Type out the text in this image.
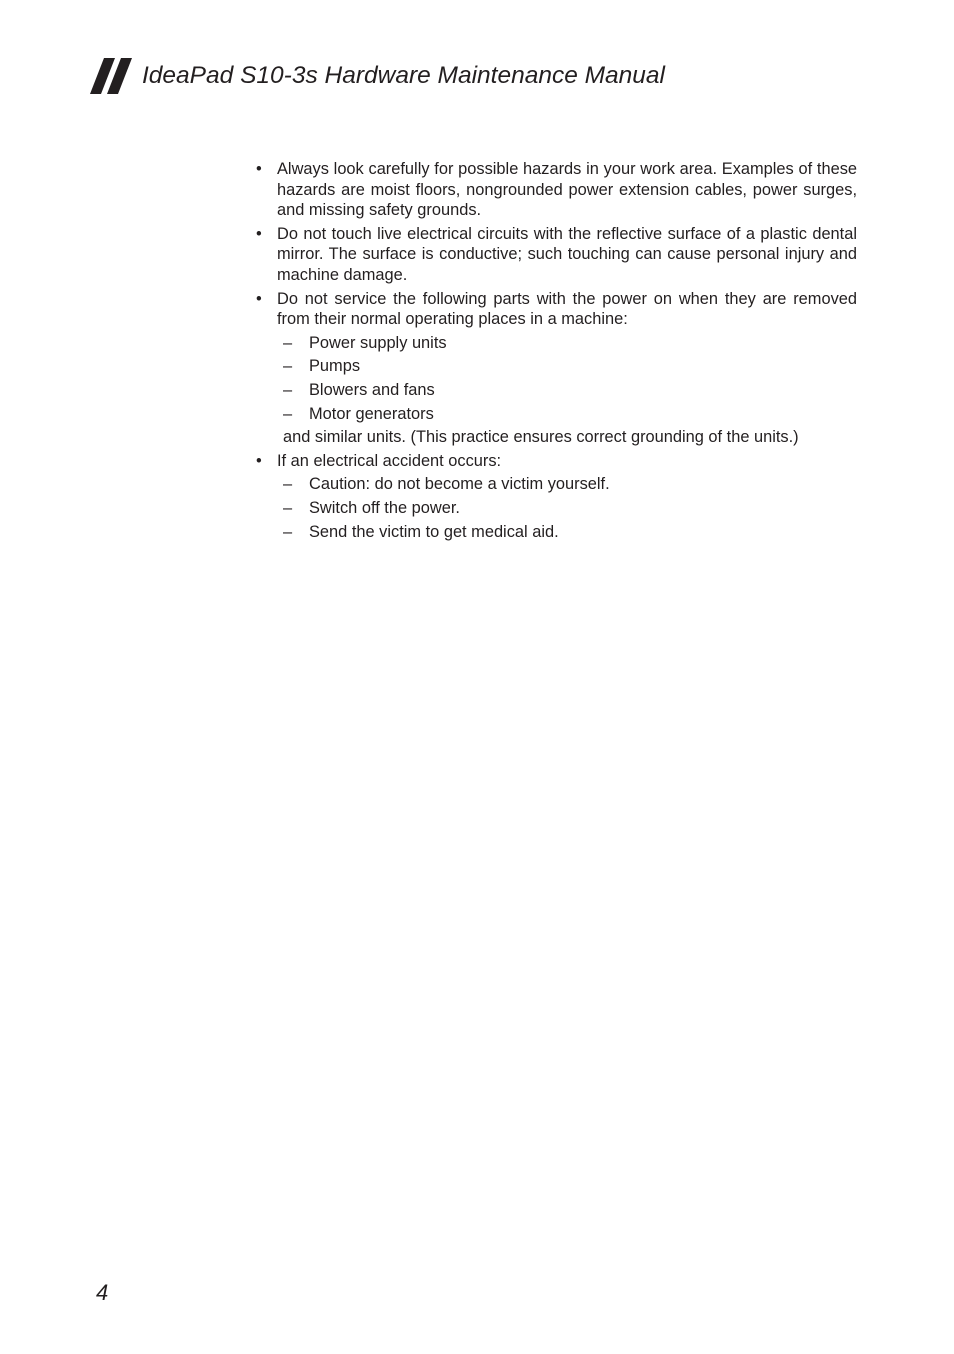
IdeaPad S10-3s Hardware Maintenance Manual
• Always look carefully for possible hazards in your work area. Examples of these hazards are moist floors, nongrounded power extension cables, power surges, and missing safety grounds.
• Do not touch live electrical circuits with the reflective surface of a plastic dental mirror. The surface is conductive; such touching can cause personal injury and machine damage.
• Do not service the following parts with the power on when they are removed from their normal operating places in a machine:
– Power supply units
– Pumps
– Blowers and fans
– Motor generators
and similar units. (This practice ensures correct grounding of the units.)
• If an electrical accident occurs:
– Caution: do not become a victim yourself.
– Switch off the power.
– Send the victim to get medical aid.
4
